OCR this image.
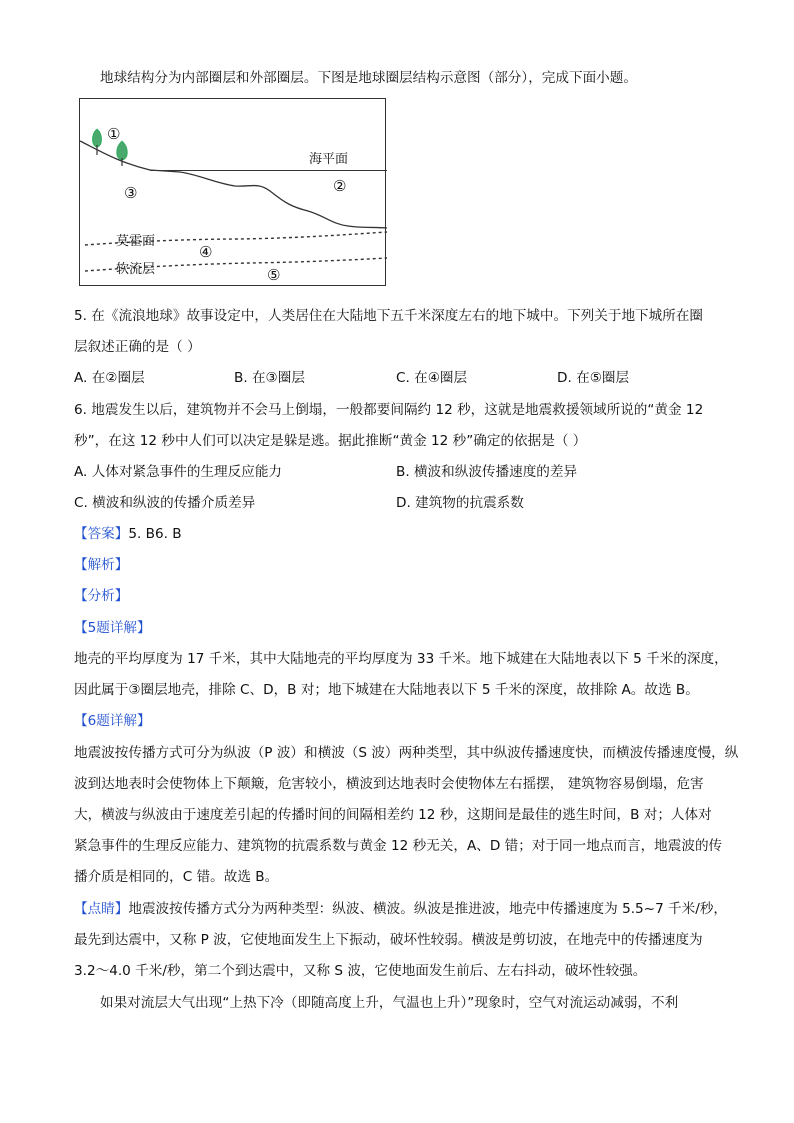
地球结构分为内部圈层和外部圈层。下图是地球圈层结构示意图（部分），完成下面小题。
①
②
③
④
⑤
海平面
莫霍面
软流层
5. 在《流浪地球》故事设定中，人类居住在大陆地下五千米深度左右的地下城中。下列关于地下城所在圈
层叙述正确的是（ ）
A. 在②圈层	B. 在③圈层	C. 在④圈层	D. 在⑤圈层
6. 地震发生以后，建筑物并不会马上倒塌，一般都要间隔约 12 秒，这就是地震救援领域所说的“黄金 12
秒”，在这 12 秒中人们可以决定是躲是逃。据此推断“黄金 12 秒”确定的依据是（ ）
A. 人体对紧急事件的生理反应能力	B. 横波和纵波传播速度的差异
C. 横波和纵波的传播介质差异	D. 建筑物的抗震系数
【答案】5. B6. B
【解析】
【分析】
【5题详解】
地壳的平均厚度为 17 千米，其中大陆地壳的平均厚度为 33 千米。地下城建在大陆地表以下 5 千米的深度，
因此属于③圈层地壳，排除 C、D，B 对；地下城建在大陆地表以下 5 千米的深度，故排除 A。故选 B。
【6题详解】
地震波按传播方式可分为纵波（P 波）和横波（S 波）两种类型，其中纵波传播速度快，而横波传播速度慢，纵
波到达地表时会使物体上下颠簸，危害较小，横波到达地表时会使物体左右摇摆， 建筑物容易倒塌，危害
大，横波与纵波由于速度差引起的传播时间的间隔相差约 12 秒，这期间是最佳的逃生时间，B 对；人体对
紧急事件的生理反应能力、建筑物的抗震系数与黄金 12 秒无关，A、D 错；对于同一地点而言，地震波的传
播介质是相同的，C 错。故选 B。
【点睛】地震波按传播方式分为两种类型：纵波、横波。纵波是推进波，地壳中传播速度为 5.5~7 千米/秒，
最先到达震中，又称 P 波，它使地面发生上下振动，破坏性较弱。横波是剪切波，在地壳中的传播速度为
3.2～4.0 千米/秒，第二个到达震中，又称 S 波，它使地面发生前后、左右抖动，破坏性较强。
如果对流层大气出现“上热下冷（即随高度上升，气温也上升）”现象时，空气对流运动减弱，不利
